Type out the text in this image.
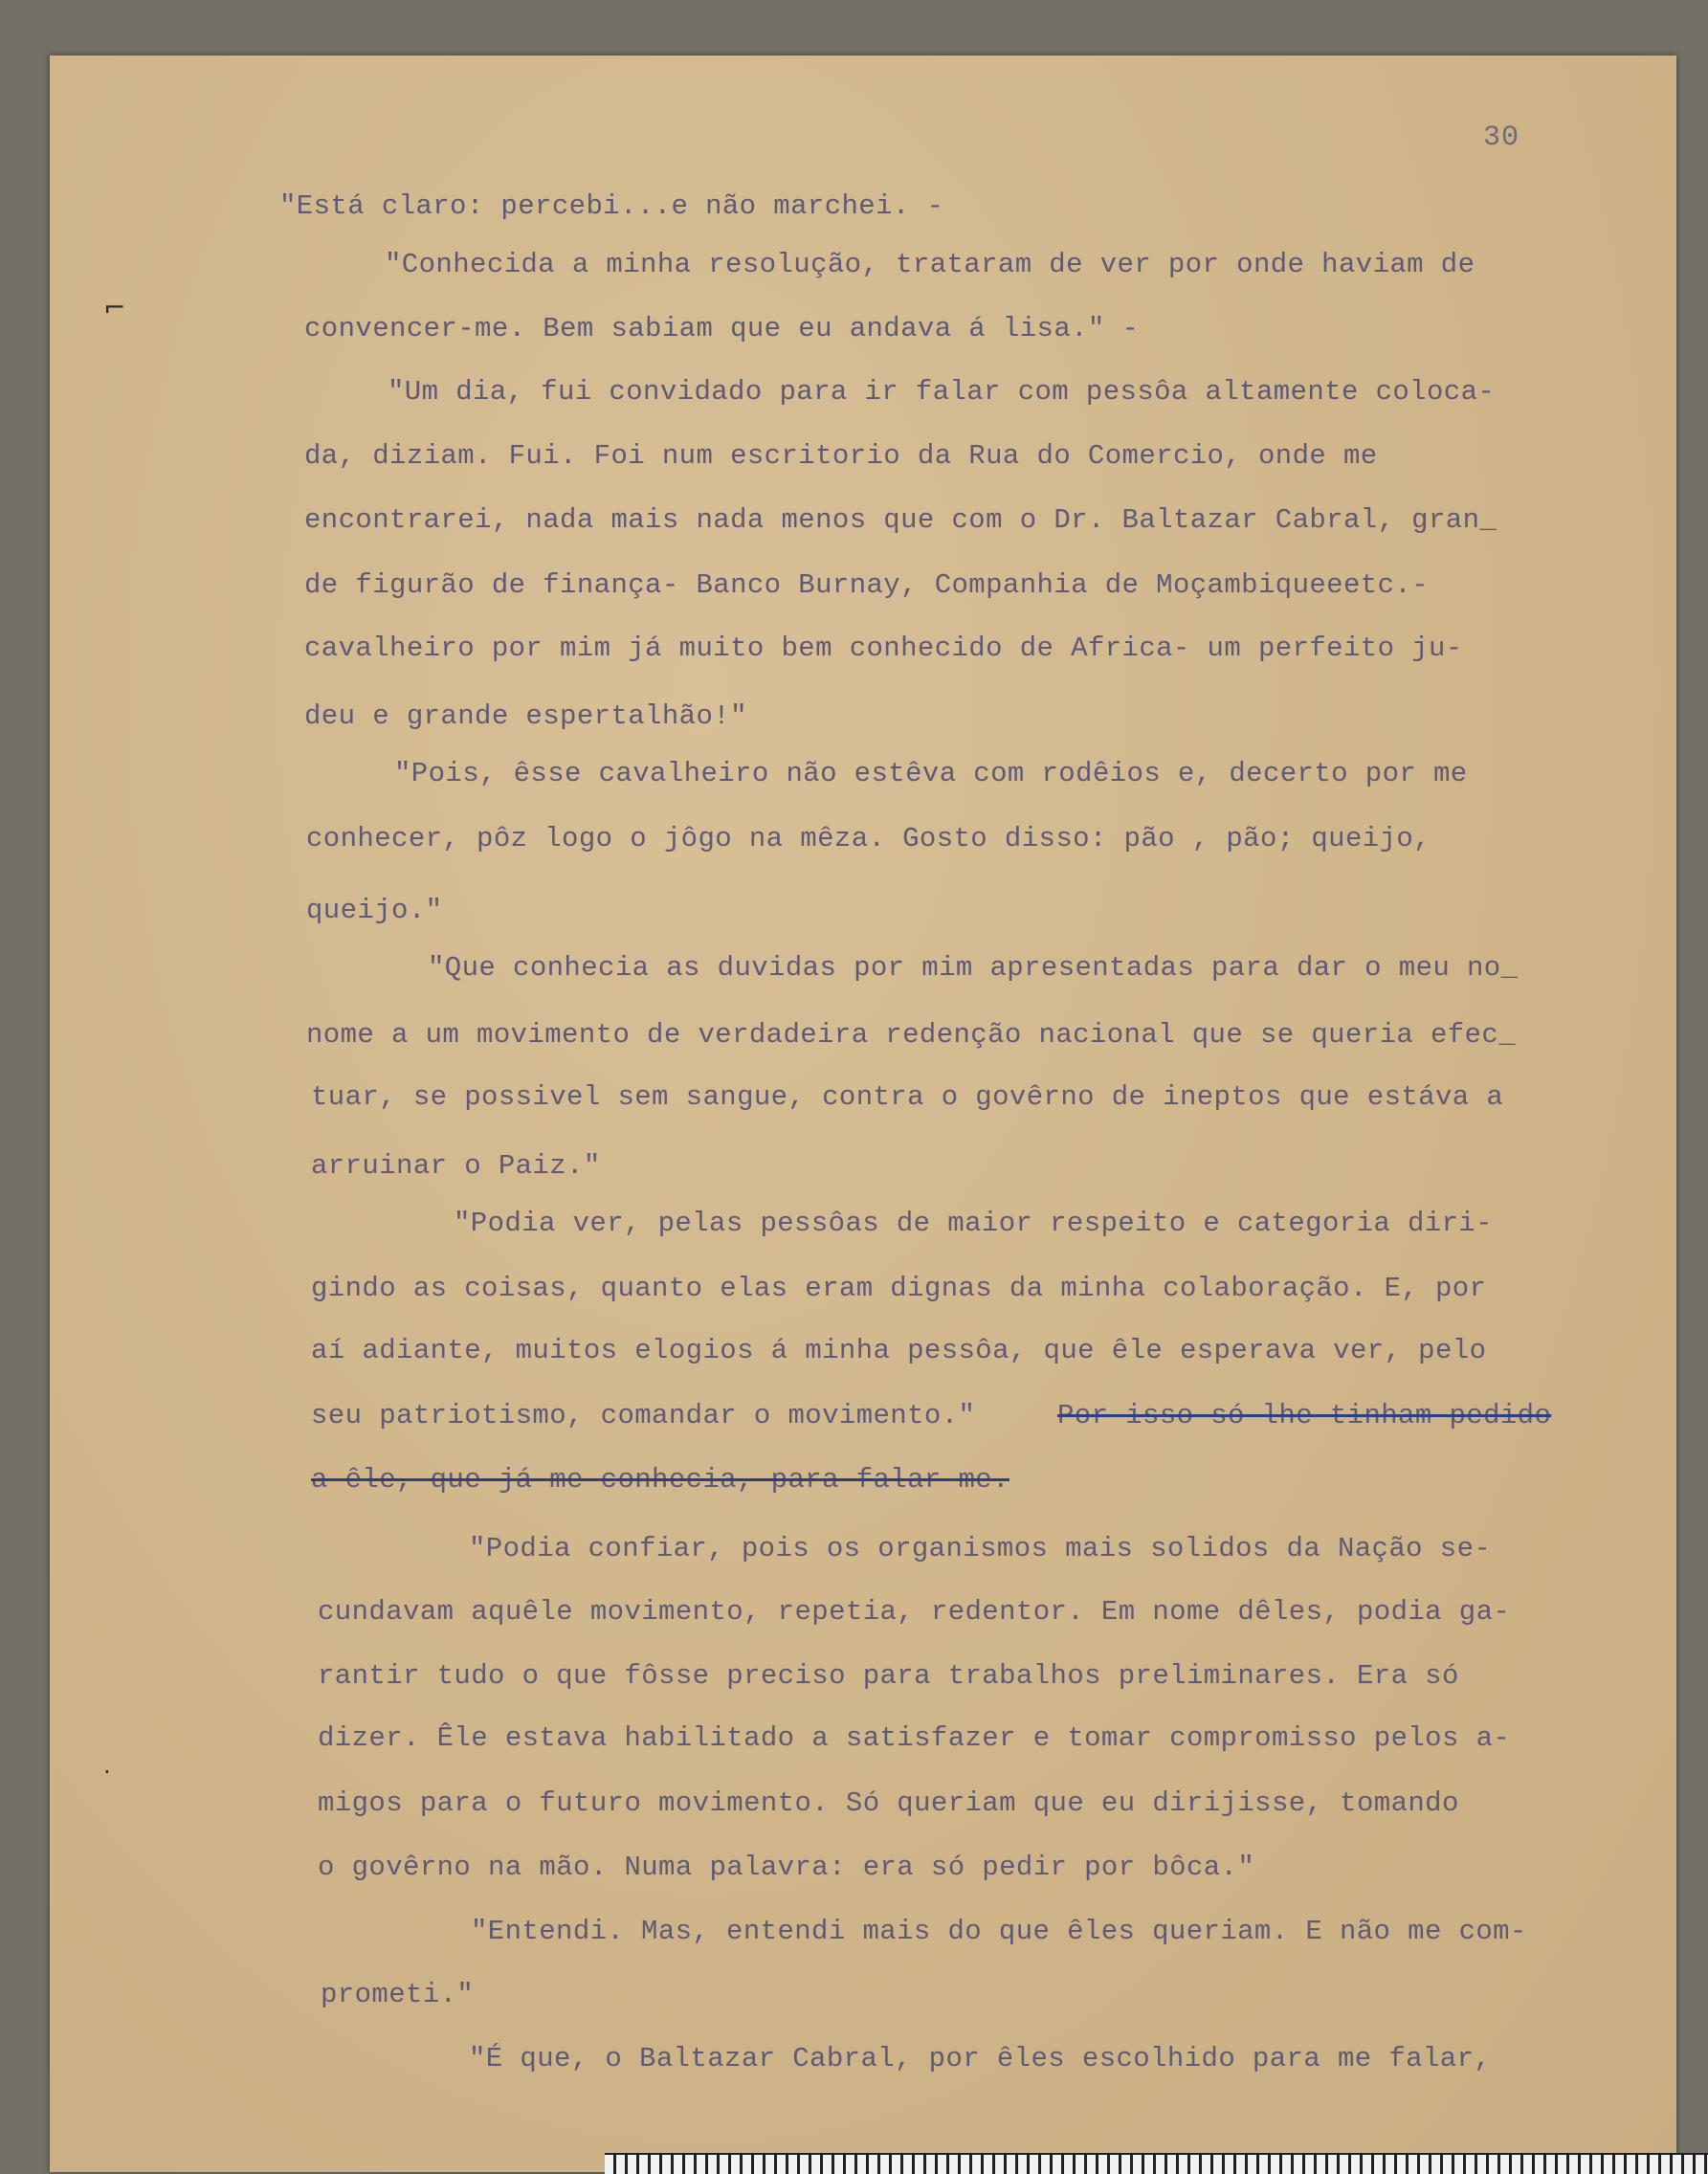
30
"Está claro: percebi...e não marchei. -
"Conhecida a minha resolução, trataram de ver por onde haviam de
convencer-me. Bem sabiam que eu andava á lisa." -
"Um dia, fui convidado para ir falar com pessôa altamente coloca-
da, diziam. Fui. Foi num escritorio da Rua do Comercio, onde me
encontrarei, nada mais nada menos que com o Dr. Baltazar Cabral, gran_
de figurão de finança- Banco Burnay, Companhia de Moçambiqueeetc.-
cavalheiro por mim já muito bem conhecido de Africa- um perfeito ju-
deu e grande espertalhão!"
"Pois, êsse cavalheiro não estêva com rodêios e, decerto por me
conhecer, pôz logo o jôgo na mêza. Gosto disso: pão , pão; queijo,
queijo."
"Que conhecia as duvidas por mim apresentadas para dar o meu no_
nome a um movimento de verdadeira redenção nacional que se queria efec_
tuar, se possivel sem sangue, contra o govêrno de ineptos que estáva a
arruinar o Paiz."
"Podia ver, pelas pessôas de maior respeito e categoria diri-
gindo as coisas, quanto elas eram dignas da minha colaboração. E, por
aí adiante, muitos elogios á minha pessôa, que êle esperava ver, pelo
seu patriotismo, comandar o movimento."
"Podia confiar, pois os organismos mais solidos da Nação se-
cundavam aquêle movimento, repetia, redentor. Em nome dêles, podia ga-
rantir tudo o que fôsse preciso para trabalhos preliminares. Era só
dizer. Êle estava habilitado a satisfazer e tomar compromisso pelos a-
migos para o futuro movimento. Só queriam que eu dirijisse, tomando
o govêrno na mão. Numa palavra: era só pedir por bôca."
"Entendi. Mas, entendi mais do que êles queriam. E não me com-
prometi."
"É que, o Baltazar Cabral, por êles escolhido para me falar,
Por isso só lhe tinham pedido
a êle, que já me conhecia, para falar-me.
⌐
·
